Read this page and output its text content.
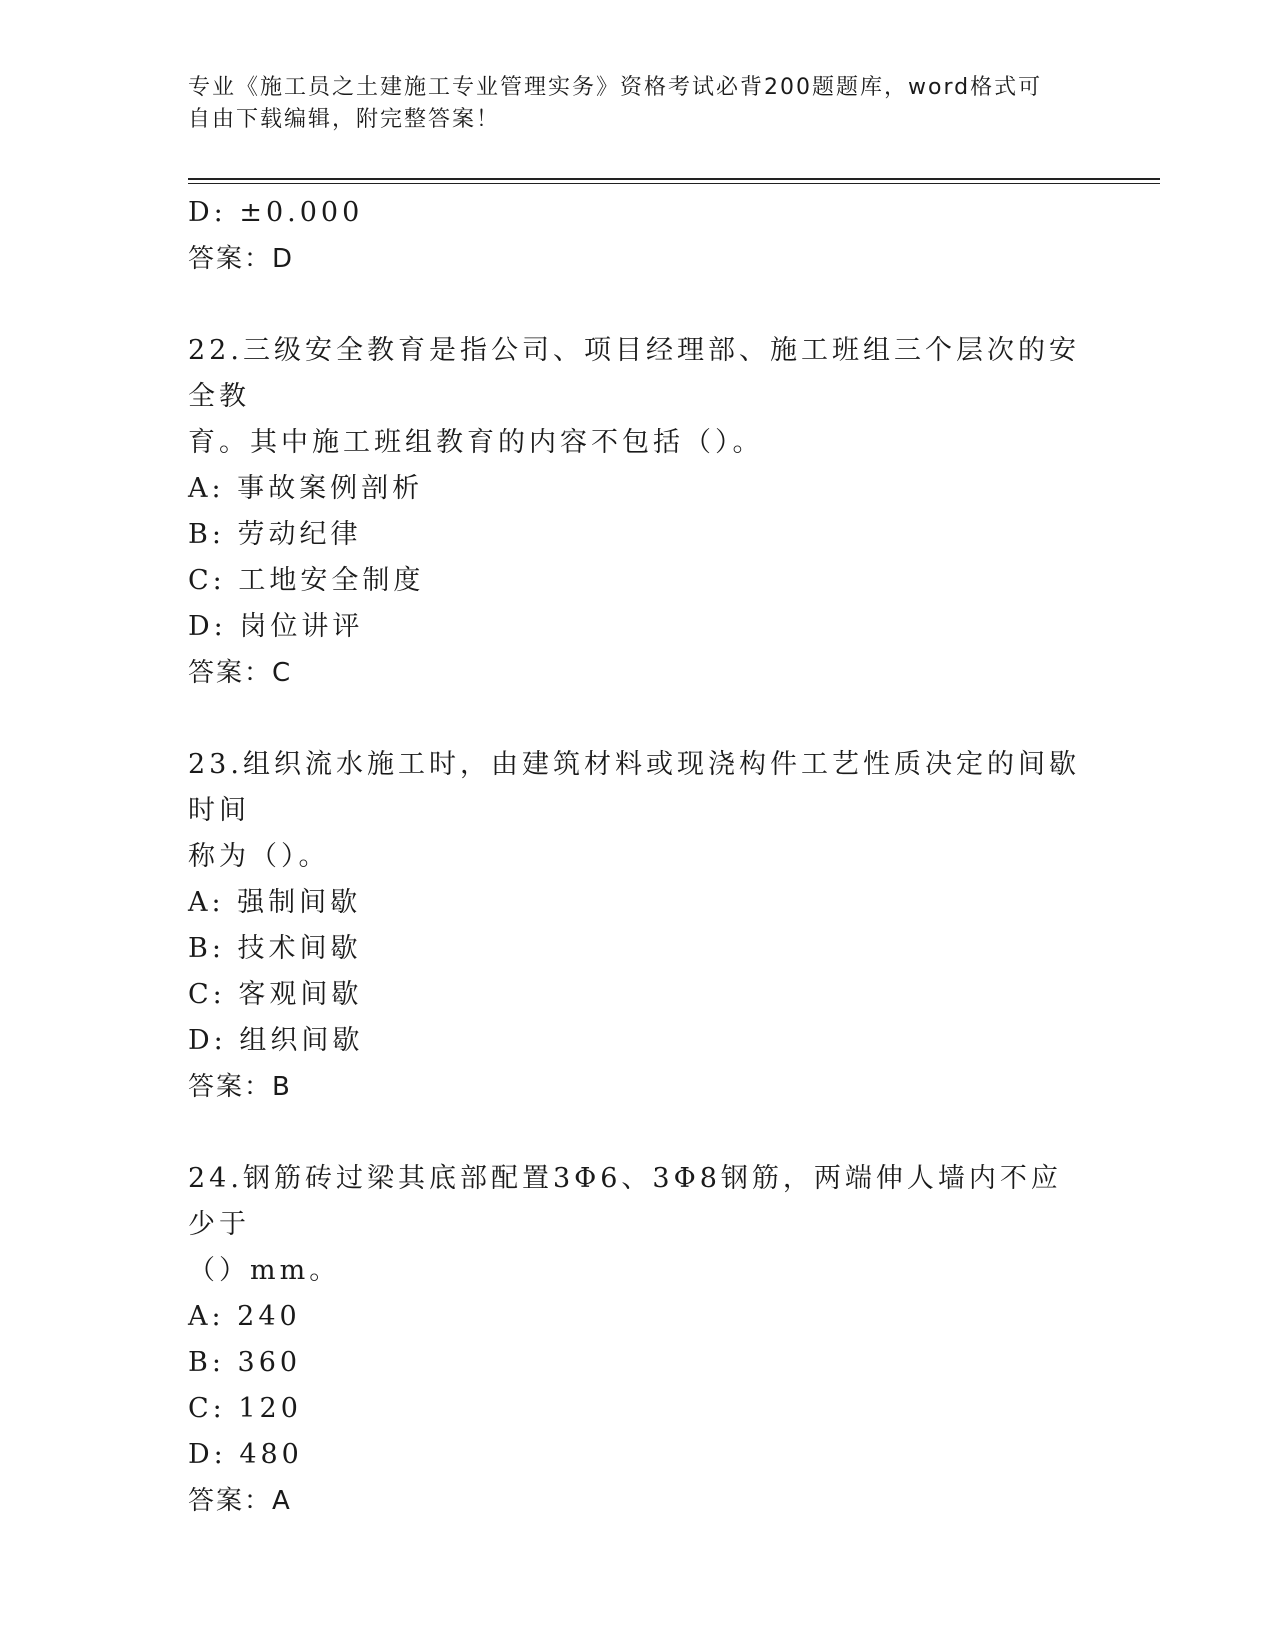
专业《施工员之土建施工专业管理实务》资格考试必背200题题库，word格式可
自由下载编辑，附完整答案！
D: ±0.000
答案：D
22.三级安全教育是指公司、项目经理部、施工班组三个层次的安全教
育。其中施工班组教育的内容不包括（）。
A: 事故案例剖析
B: 劳动纪律
C: 工地安全制度
D: 岗位讲评
答案：C
23.组织流水施工时，由建筑材料或现浇构件工艺性质决定的间歇时间
称为（）。
A: 强制间歇
B: 技术间歇
C: 客观间歇
D: 组织间歇
答案：B
24.钢筋砖过梁其底部配置3Φ6、3Φ8钢筋，两端伸人墙内不应少于
（）mm。
A: 240
B: 360
C: 120
D: 480
答案：A
